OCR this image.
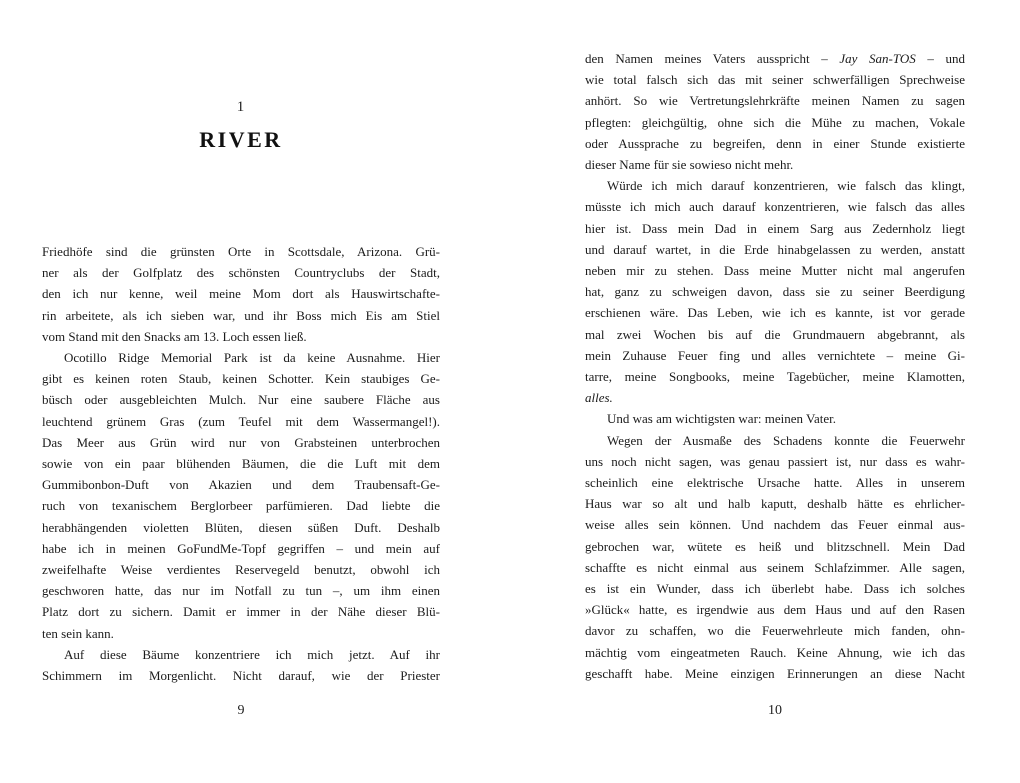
1
RIVER

Friedhöfe sind die grünsten Orte in Scottsdale, Arizona. Grü-
ner als der Golfplatz des schönsten Countryclubs der Stadt,
den ich nur kenne, weil meine Mom dort als Hauswirtschafte-
rin arbeitete, als ich sieben war, und ihr Boss mich Eis am Stiel
vom Stand mit den Snacks am 13. Loch essen ließ.

Ocotillo Ridge Memorial Park ist da keine Ausnahme. Hier
gibt es keinen roten Staub, keinen Schotter. Kein staubiges Ge-
büsch oder ausgebleichten Mulch. Nur eine saubere Fläche aus
leuchtend grünem Gras (zum Teufel mit dem Wassermangel!).
Das Meer aus Grün wird nur von Grabsteinen unterbrochen
sowie von ein paar blühenden Bäumen, die die Luft mit dem
Gummibonbon-Duft von Akazien und dem Traubensaft-Ge-
ruch von texanischem Berglorbeer parfümieren. Dad liebte die
herabhängenden violetten Blüten, diesen süßen Duft. Deshalb
habe ich in meinen GoFundMe-Topf gegriffen – und mein auf
zweifelhafte Weise verdientes Reservegeld benutzt, obwohl ich
geschworen hatte, das nur im Notfall zu tun –, um ihm einen
Platz dort zu sichern. Damit er immer in der Nähe dieser Blü-
ten sein kann.

Auf diese Bäume konzentriere ich mich jetzt. Auf ihr
Schimmern im Morgenlicht. Nicht darauf, wie der Priester

9

den Namen meines Vaters ausspricht – Jay San-TOS – und
wie total falsch sich das mit seiner schwerfälligen Sprechweise
anhört. So wie Vertretungslehrkräfte meinen Namen zu sagen
pflegten: gleichgültig, ohne sich die Mühe zu machen, Vokale
oder Aussprache zu begreifen, denn in einer Stunde existierte
dieser Name für sie sowieso nicht mehr.

Würde ich mich darauf konzentrieren, wie falsch das klingt,
müsste ich mich auch darauf konzentrieren, wie falsch das alles
hier ist. Dass mein Dad in einem Sarg aus Zedernholz liegt
und darauf wartet, in die Erde hinabgelassen zu werden, anstatt
neben mir zu stehen. Dass meine Mutter nicht mal angerufen
hat, ganz zu schweigen davon, dass sie zu seiner Beerdigung
erschienen wäre. Das Leben, wie ich es kannte, ist vor gerade
mal zwei Wochen bis auf die Grundmauern abgebrannt, als
mein Zuhause Feuer fing und alles vernichtete – meine Gi-
tarre, meine Songbooks, meine Tagebücher, meine Klamotten,
alles.

Und was am wichtigsten war: meinen Vater.

Wegen der Ausmaße des Schadens konnte die Feuerwehr
uns noch nicht sagen, was genau passiert ist, nur dass es wahr-
scheinlich eine elektrische Ursache hatte. Alles in unserem
Haus war so alt und halb kaputt, deshalb hätte es ehrlicher-
weise alles sein können. Und nachdem das Feuer einmal aus-
gebrochen war, wütete es heiß und blitzschnell. Mein Dad
schaffte es nicht einmal aus seinem Schlafzimmer. Alle sagen,
es ist ein Wunder, dass ich überlebt habe. Dass ich solches
»Glück« hatte, es irgendwie aus dem Haus und auf den Rasen
davor zu schaffen, wo die Feuerwehrleute mich fanden, ohn-
mächtig vom eingeatmeten Rauch. Keine Ahnung, wie ich das
geschafft habe. Meine einzigen Erinnerungen an diese Nacht

10
